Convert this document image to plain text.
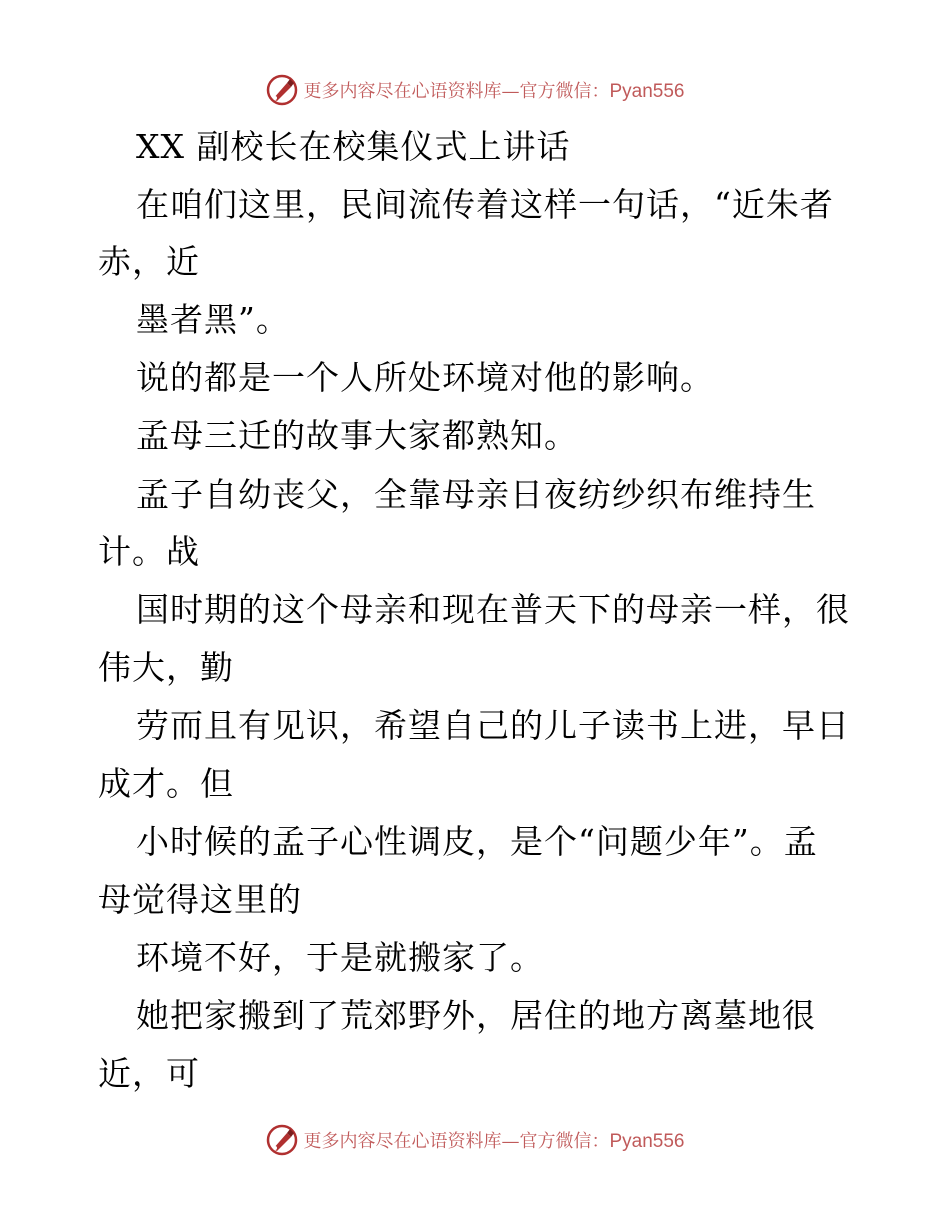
更多内容尽在心语资料库—官方微信：Pyan556
XX 副校长在校集仪式上讲话
在咱们这里，民间流传着这样一句话，“近朱者
赤，近
墨者黑”。
说的都是一个人所处环境对他的影响。
孟母三迁的故事大家都熟知。
孟子自幼丧父，全靠母亲日夜纺纱织布维持生
计。战
国时期的这个母亲和现在普天下的母亲一样，很
伟大，勤
劳而且有见识，希望自己的儿子读书上进，早日
成才。但
小时候的孟子心性调皮，是个“问题少年”。孟
母觉得这里的
环境不好，于是就搬家了。
她把家搬到了荒郊野外，居住的地方离墓地很
近，可
更多内容尽在心语资料库—官方微信：Pyan556
